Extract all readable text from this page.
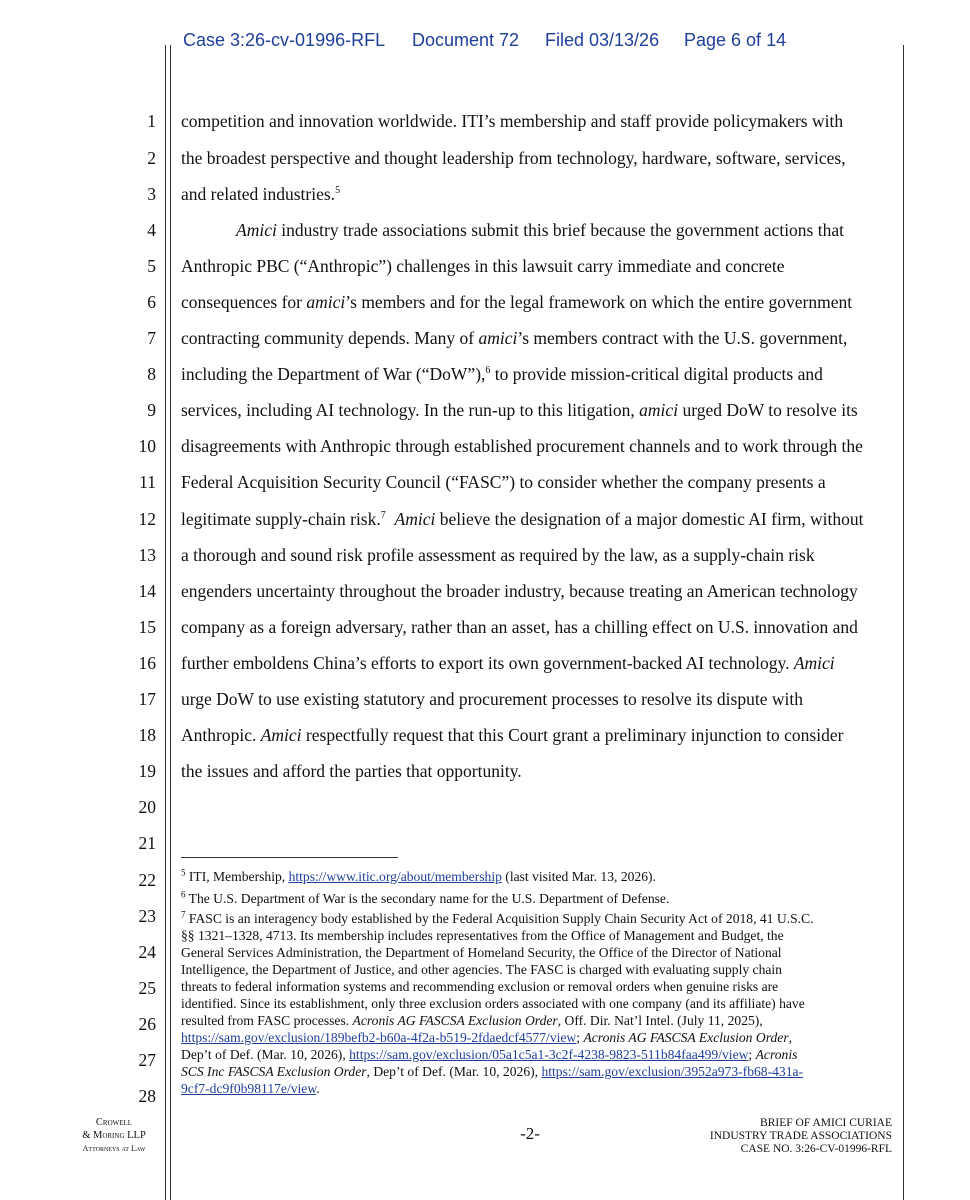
Case 3:26-cv-01996-RFL Document 72 Filed 03/13/26 Page 6 of 14
1
2
3
4
5
6
7
8
9
10
11
12
13
14
15
16
17
18
19
20
21
22
23
24
25
26
27
28
competition and innovation worldwide. ITI’s membership and staff provide policymakers with
the broadest perspective and thought leadership from technology, hardware, software, services,
and related industries.$^5$
Amici industry trade associations submit this brief because the government actions that
Anthropic PBC (“Anthropic”) challenges in this lawsuit carry immediate and concrete
consequences for amici’s members and for the legal framework on which the entire government
contracting community depends. Many of amici’s members contract with the U.S. government,
including the Department of War (“DoW”),$^6$ to provide mission-critical digital products and
services, including AI technology. In the run-up to this litigation, amici urged DoW to resolve its
disagreements with Anthropic through established procurement channels and to work through the
Federal Acquisition Security Council (“FASC”) to consider whether the company presents a
legitimate supply-chain risk.$^7$ Amici believe the designation of a major domestic AI firm, without
a thorough and sound risk profile assessment as required by the law, as a supply-chain risk
engenders uncertainty throughout the broader industry, because treating an American technology
company as a foreign adversary, rather than an asset, has a chilling effect on U.S. innovation and
further emboldens China’s efforts to export its own government-backed AI technology. Amici
urge DoW to use existing statutory and procurement processes to resolve its dispute with
Anthropic. Amici respectfully request that this Court grant a preliminary injunction to consider
the issues and afford the parties that opportunity.
$^5$ ITI, Membership, https://www.itic.org/about/membership (last visited Mar. 13, 2026).
$^6$ The U.S. Department of War is the secondary name for the U.S. Department of Defense.
$^7$ FASC is an interagency body established by the Federal Acquisition Supply Chain Security Act of 2018, 41 U.S.C.
§§ 1321–1328, 4713. Its membership includes representatives from the Office of Management and Budget, the
General Services Administration, the Department of Homeland Security, the Office of the Director of National
Intelligence, the Department of Justice, and other agencies. The FASC is charged with evaluating supply chain
threats to federal information systems and recommending exclusion or removal orders when genuine risks are
identified. Since its establishment, only three exclusion orders associated with one company (and its affiliate) have
resulted from FASC processes. Acronis AG FASCSA Exclusion Order, Off. Dir. Nat’l Intel. (July 11, 2025),
https://sam.gov/exclusion/189befb2-b60a-4f2a-b519-2fdaedcf4577/view; Acronis AG FASCSA Exclusion Order,
Dep’t of Def. (Mar. 10, 2026), https://sam.gov/exclusion/05a1c5a1-3c2f-4238-9823-511b84faa499/view; Acronis
SCS Inc FASCSA Exclusion Order, Dep’t of Def. (Mar. 10, 2026), https://sam.gov/exclusion/3952a973-fb68-431a-
9cf7-dc9f0b98117e/view.
Crowell
& Moring LLP
Attorneys at Law
-2-
BRIEF OF AMICI CURIAE
INDUSTRY TRADE ASSOCIATIONS
CASE NO. 3:26-CV-01996-RFL
